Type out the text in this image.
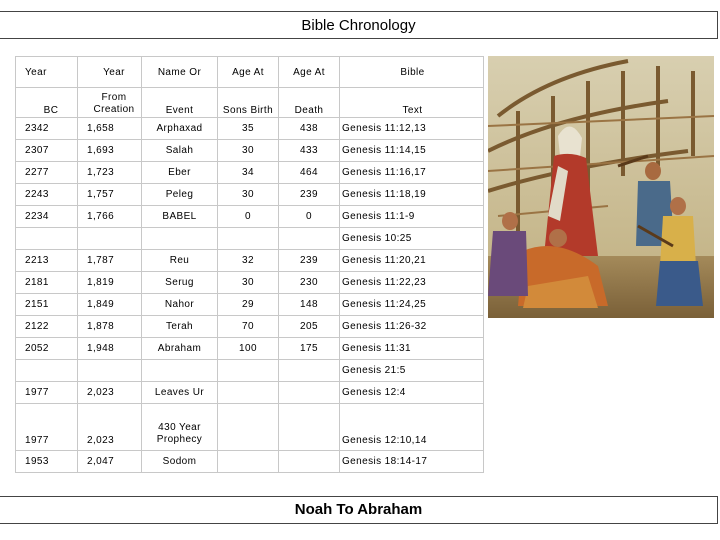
Bible Chronology
Year	Year	Name Or	Age At	Age At	Bible
BC	From Creation	Event	Sons Birth	Death	Text
2342	1,658	Arphaxad	35	438	Genesis 11:12,13
2307	1,693	Salah	30	433	Genesis 11:14,15
2277	1,723	Eber	34	464	Genesis 11:16,17
2243	1,757	Peleg	30	239	Genesis 11:18,19
2234	1,766	BABEL	0	0	Genesis 11:1-9
					Genesis 10:25
2213	1,787	Reu	32	239	Genesis 11:20,21
2181	1,819	Serug	30	230	Genesis 11:22,23
2151	1,849	Nahor	29	148	Genesis 11:24,25
2122	1,878	Terah	70	205	Genesis 11:26-32
2052	1,948	Abraham	100	175	Genesis 11:31
					Genesis 21:5
1977	2,023	Leaves Ur			Genesis 12:4
1977	2,023	430 Year Prophecy			Genesis 12:10,14
1953	2,047	Sodom			Genesis 18:14-17
Noah To Abraham
